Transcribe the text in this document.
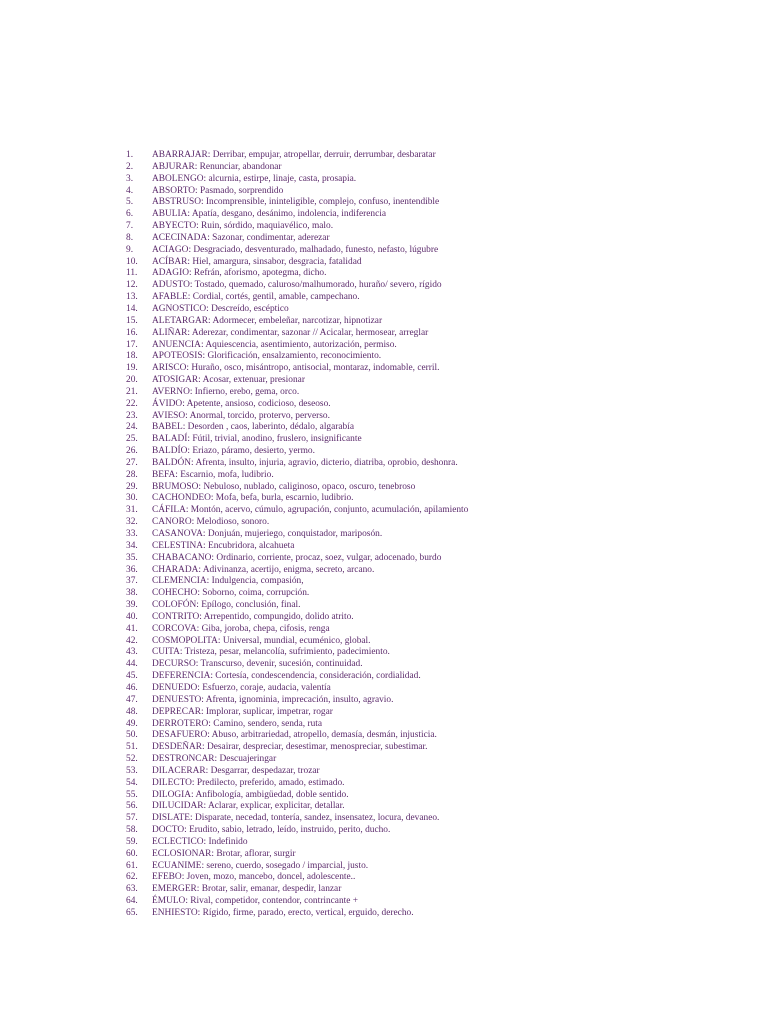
1. ABARRAJAR: Derribar, empujar, atropellar, derruir, derrumbar, desbaratar
2. ABJURAR: Renunciar, abandonar
3. ABOLENGO: alcurnia, estirpe, linaje, casta, prosapia.
4. ABSORTO: Pasmado, sorprendido
5. ABSTRUSO: Incomprensible, ininteligible, complejo, confuso, inentendible
6. ABULIA: Apatía, desgano, desánimo, indolencia, indiferencia
7. ABYECTO: Ruin, sórdido, maquiavélico, malo.
8. ACECINADA: Sazonar, condimentar, aderezar
9. ACIAGO: Desgraciado, desventurado, malhadado, funesto, nefasto, lúgubre
10. ACÍBAR: Hiel, amargura, sinsabor, desgracia, fatalidad
11. ADAGIO: Refrán, aforismo, apotegma, dicho.
12. ADUSTO: Tostado, quemado, caluroso/malhumorado, huraño/ severo, rígido
13. AFABLE: Cordial, cortés, gentil, amable, campechano.
14. AGNOSTICO: Descreído, escéptico
15. ALETARGAR: Adormecer, embeleñar, narcotizar, hipnotizar
16. ALIÑAR: Aderezar, condimentar, sazonar // Acicalar, hermosear, arreglar
17. ANUENCIA: Aquiescencia, asentimiento, autorización, permiso.
18. APOTEOSIS: Glorificación, ensalzamiento, reconocimiento.
19. ARISCO: Huraño, osco, misántropo, antisocial, montaraz, indomable, cerril.
20. ATOSIGAR: Acosar, extenuar, presionar
21. AVERNO: Infierno, erebo, gema, orco.
22. ÁVIDO: Apetente, ansioso, codicioso, deseoso.
23. AVIESO: Anormal, torcido, protervo, perverso.
24. BABEL: Desorden , caos, laberinto, dédalo, algarabía
25. BALADÍ: Fútil, trivial, anodino, fruslero, insignificante
26. BALDÍO: Eriazo, páramo, desierto, yermo.
27. BALDÓN: Afrenta, insulto, injuria, agravio, dicterio, diatriba, oprobio, deshonra.
28. BEFA: Escarnio, mofa, ludibrio.
29. BRUMOSO: Nebuloso, nublado, caliginoso, opaco, oscuro, tenebroso
30. CACHONDEO: Mofa, befa, burla, escarnio, ludibrio.
31. CÁFILA: Montón, acervo, cúmulo, agrupación, conjunto, acumulación, apilamiento
32. CANORO: Melodioso, sonoro.
33. CASANOVA: Donjuán, mujeriego, conquistador, mariposón.
34. CELESTINA: Encubridora, alcahueta
35. CHABACANO: Ordinario, corriente, procaz, soez, vulgar, adocenado, burdo
36. CHARADA: Adivinanza, acertijo, enigma, secreto, arcano.
37. CLEMENCIA: Indulgencia, compasión,
38. COHECHO: Soborno, coima, corrupción.
39. COLOFÓN: Epílogo, conclusión, final.
40. CONTRITO: Arrepentido, compungido, dolido atrito.
41. CORCOVA: Giba, joroba, chepa, cifosis, renga
42. COSMOPOLITA: Universal, mundial, ecuménico, global.
43. CUITA: Tristeza, pesar, melancolía, sufrimiento, padecimiento.
44. DECURSO: Transcurso, devenir, sucesión, continuidad.
45. DEFERENCIA: Cortesía, condescendencia, consideración, cordialidad.
46. DENUEDO: Esfuerzo, coraje, audacia, valentía
47. DENUESTO: Afrenta, ignominia, imprecación, insulto, agravio.
48. DEPRECAR: Implorar, suplicar, impetrar, rogar
49. DERROTERO: Camino, sendero, senda, ruta
50. DESAFUERO: Abuso, arbitrariedad, atropello, demasía, desmán, injusticia.
51. DESDEÑAR: Desairar, despreciar, desestimar, menospreciar, subestimar.
52. DESTRONCAR: Descuajeringar
53. DILACERAR: Desgarrar, despedazar, trozar
54. DILECTO: Predilecto, preferido, amado, estimado.
55. DILOGIA: Anfibología, ambigüedad, doble sentido.
56. DILUCIDAR: Aclarar, explicar, explicitar, detallar.
57. DISLATE: Disparate, necedad, tontería, sandez, insensatez, locura, devaneo.
58. DOCTO: Erudito, sabio, letrado, leído, instruido, perito, ducho.
59. ECLECTICO: Indefinido
60. ECLOSIONAR: Brotar, aflorar, surgir
61. ECUANIME: sereno, cuerdo, sosegado / imparcial, justo.
62. EFEBO: Joven, mozo, mancebo, doncel, adolescente..
63. EMERGER: Brotar, salir, emanar, despedir, lanzar
64. ÉMULO: Rival, competidor, contendor, contrincante +
65. ENHIESTO: Rígido, firme, parado, erecto, vertical, erguido, derecho.
